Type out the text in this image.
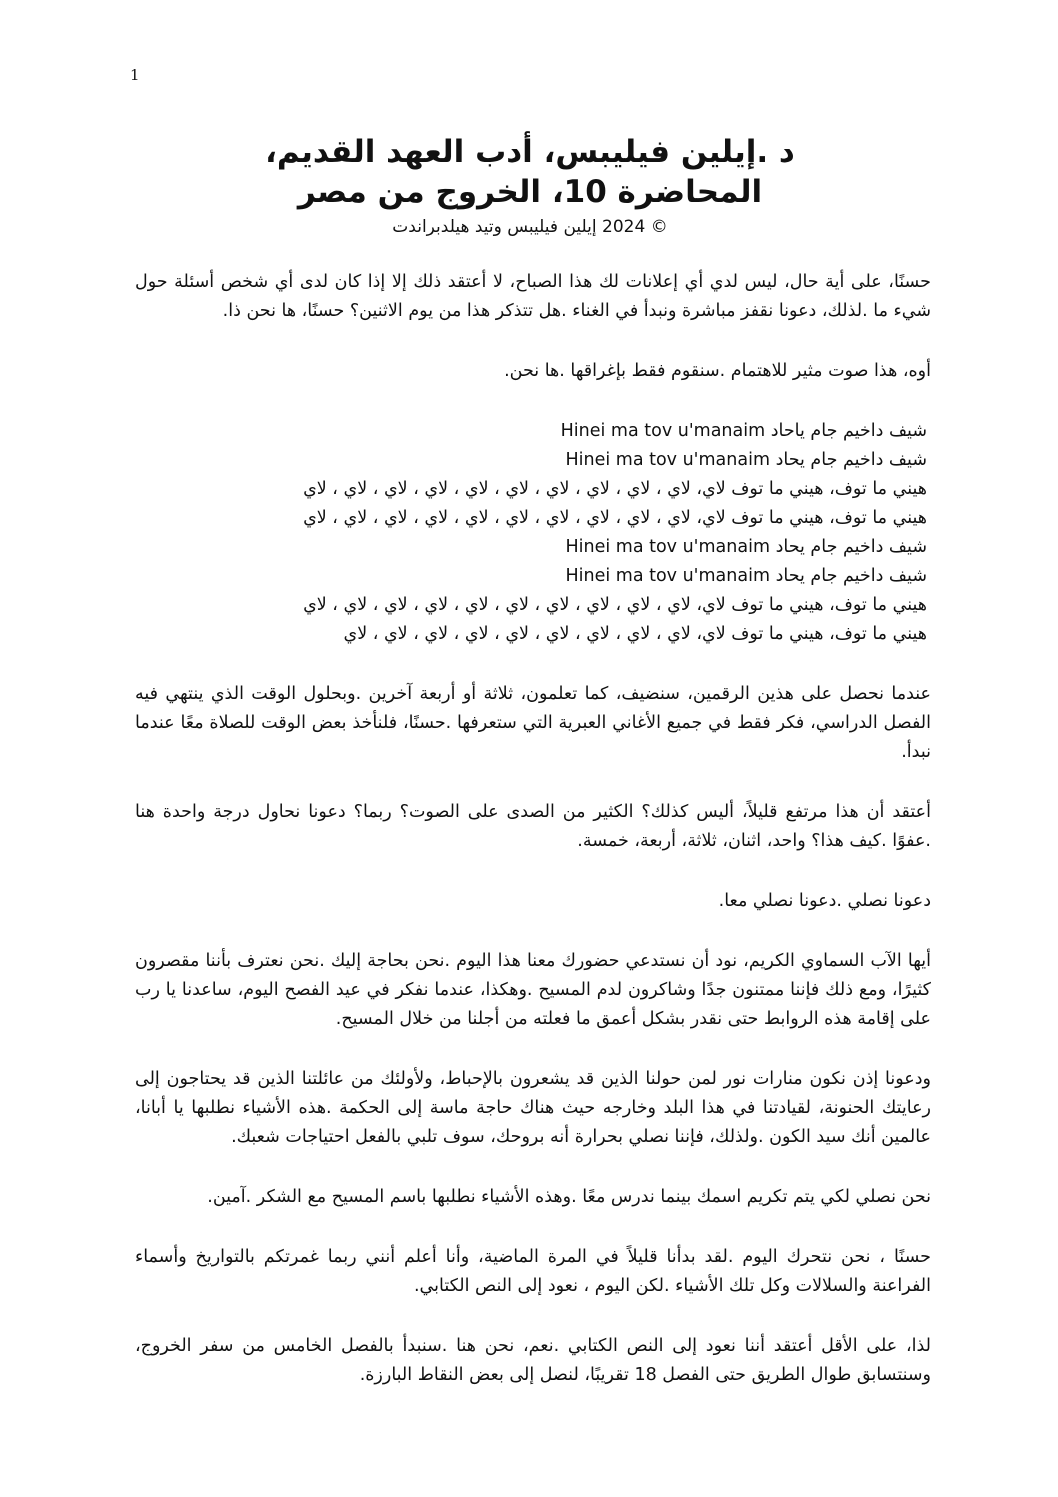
1

د .إيلين فيليبس، أدب العهد القديم،

المحاضرة 10، الخروج من مصر

© 2024 إيلين فيليبس وتيد هيلدبراندت

حسنًا، على أية حال، ليس لدي أي إعلانات لك هذا الصباح، لا أعتقد ذلك إلا إذا كان لدى أي شخص أسئلة حول شيء ما .لذلك، دعونا نقفز مباشرة ونبدأ في الغناء .هل تتذكر هذا من يوم الاثنين؟ حسنًا، ها نحن ذا.

أوه، هذا صوت مثير للاهتمام .سنقوم فقط بإغراقها .ها نحن.

شيف داخيم جام ياحاد Hinei ma tov u'manaim
شيف داخيم جام يحاد Hinei ma tov u'manaim
هيني ما توف، هيني ما توف لاي، لاي ، لاي ، لاي ، لاي ، لاي ، لاي ، لاي ، لاي ، لاي ، لاي
هيني ما توف، هيني ما توف لاي، لاي ، لاي ، لاي ، لاي ، لاي ، لاي ، لاي ، لاي ، لاي ، لاي
شيف داخيم جام يحاد Hinei ma tov u'manaim
شيف داخيم جام يحاد Hinei ma tov u'manaim
هيني ما توف، هيني ما توف لاي، لاي ، لاي ، لاي ، لاي ، لاي ، لاي ، لاي ، لاي ، لاي ، لاي
هيني ما توف، هيني ما توف لاي، لاي ، لاي ، لاي ، لاي ، لاي ، لاي ، لاي ، لاي ، لاي

عندما نحصل على هذين الرقمين، سنضيف، كما تعلمون، ثلاثة أو أربعة آخرين .وبحلول الوقت الذي ينتهي فيه الفصل الدراسي، فكر فقط في جميع الأغاني العبرية التي ستعرفها .حسنًا، فلنأخذ بعض الوقت للصلاة معًا عندما نبدأ.

أعتقد أن هذا مرتفع قليلاً، أليس كذلك؟ الكثير من الصدى على الصوت؟ ربما؟ دعونا نحاول درجة واحدة هنا .عفوًا .كيف هذا؟ واحد، اثنان، ثلاثة، أربعة، خمسة.

دعونا نصلي .دعونا نصلي معا.

أيها الآب السماوي الكريم، نود أن نستدعي حضورك معنا هذا اليوم .نحن بحاجة إليك .نحن نعترف بأننا مقصرون كثيرًا، ومع ذلك فإننا ممتنون جدًا وشاكرون لدم المسيح .وهكذا، عندما نفكر في عيد الفصح اليوم، ساعدنا يا رب على إقامة هذه الروابط حتى نقدر بشكل أعمق ما فعلته من أجلنا من خلال المسيح.

ودعونا إذن نكون منارات نور لمن حولنا الذين قد يشعرون بالإحباط، ولأولئك من عائلتنا الذين قد يحتاجون إلى رعايتك الحنونة، لقيادتنا في هذا البلد وخارجه حيث هناك حاجة ماسة إلى الحكمة .هذه الأشياء نطلبها يا أبانا، عالمين أنك سيد الكون .ولذلك، فإننا نصلي بحرارة أنه بروحك، سوف تلبي بالفعل احتياجات شعبك.

نحن نصلي لكي يتم تكريم اسمك بينما ندرس معًا .وهذه الأشياء نطلبها باسم المسيح مع الشكر .آمين.

حسنًا ، نحن نتحرك اليوم .لقد بدأنا قليلاً في المرة الماضية، وأنا أعلم أنني ربما غمرتكم بالتواريخ وأسماء الفراعنة والسلالات وكل تلك الأشياء .لكن اليوم ، نعود إلى النص الكتابي.

لذا، على الأقل أعتقد أننا نعود إلى النص الكتابي .نعم، نحن هنا .سنبدأ بالفصل الخامس من سفر الخروج، وسنتسابق طوال الطريق حتى الفصل 18 تقريبًا، لنصل إلى بعض النقاط البارزة.
